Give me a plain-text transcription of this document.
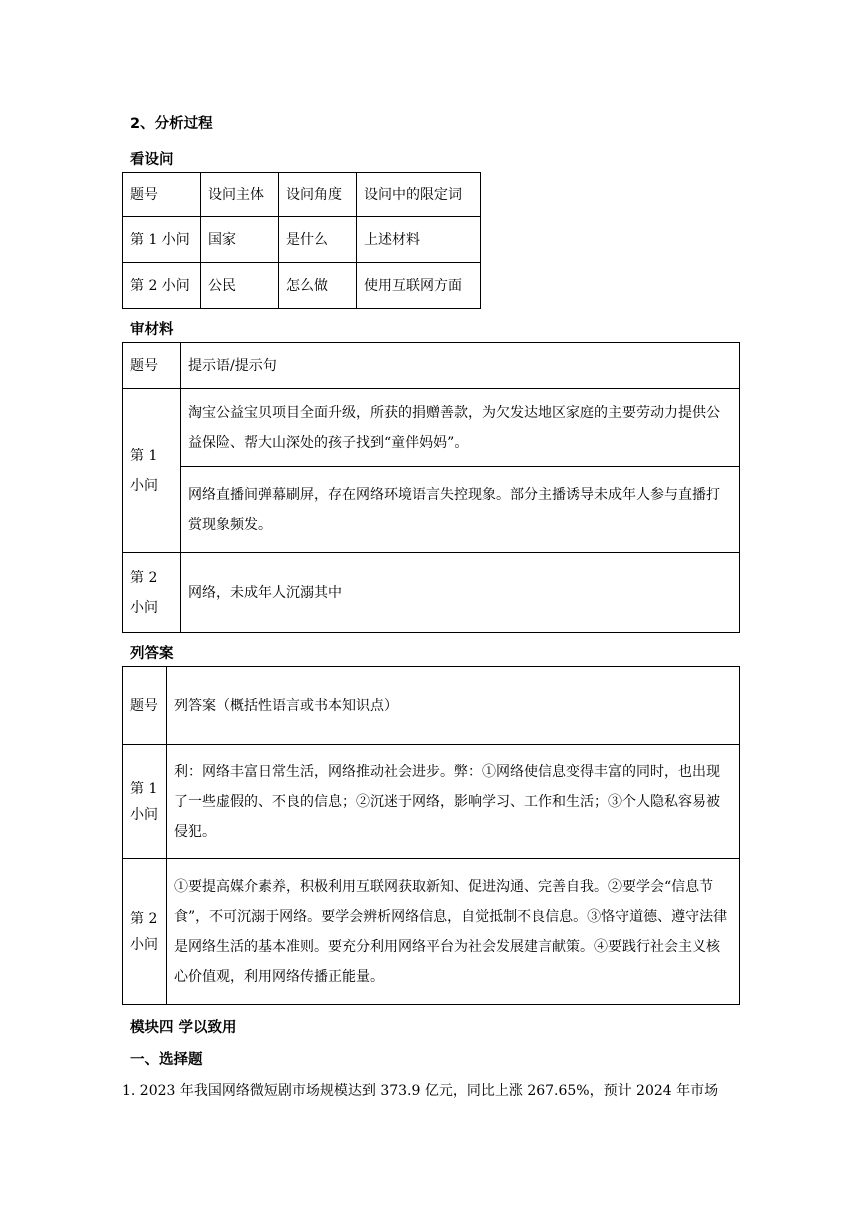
2、分析过程
看设问
题号	设问主体	设问角度	设问中的限定词
第 1 小问	国家	是什么	上述材料
第 2 小问	公民	怎么做	使用互联网方面
审材料
题号	提示语/提示句
第 1 小问	淘宝公益宝贝项目全面升级，所获的捐赠善款，为欠发达地区家庭的主要劳动力提供公益保险、帮大山深处的孩子找到“童伴妈妈”。
	网络直播间弹幕刷屏，存在网络环境语言失控现象。部分主播诱导未成年人参与直播打赏现象频发。
第 2 小问	网络，未成年人沉溺其中
列答案
题号	列答案（概括性语言或书本知识点）
第 1 小问	利：网络丰富日常生活，网络推动社会进步。弊：①网络使信息变得丰富的同时，也出现了一些虚假的、不良的信息；②沉迷于网络，影响学习、工作和生活；③个人隐私容易被侵犯。
第 2 小问	①要提高媒介素养，积极利用互联网获取新知、促进沟通、完善自我。②要学会“信息节食”，不可沉溺于网络。要学会辨析网络信息，自觉抵制不良信息。③恪守道德、遵守法律是网络生活的基本准则。要充分利用网络平台为社会发展建言献策。④要践行社会主义核心价值观，利用网络传播正能量。
模块四 学以致用
一、选择题

1. 2023 年我国网络微短剧市场规模达到 373.9 亿元，同比上涨 267.65%，预计 2024 年市场
